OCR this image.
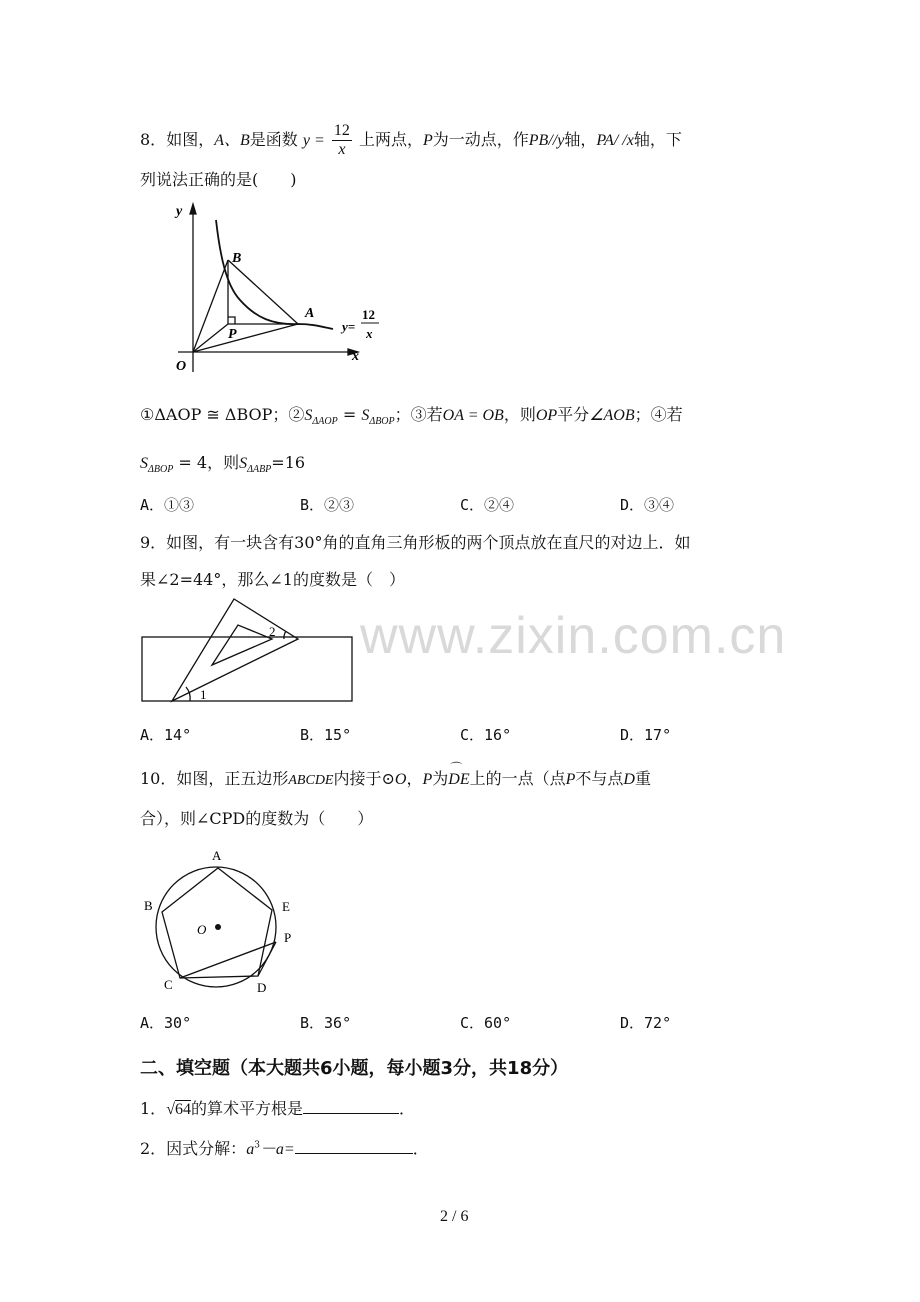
www.zixin.com.cn
8．如图，A、B是函数 $y = \frac{12}{x}$ 上两点，P为一动点，作PB//y轴，PA/ /x轴，下
列说法正确的是(　　)
y
x
O
B
A
P
y=
12
x
①ΔAOP ≅ ΔBOP；$②S_{\Delta AOP} = S_{\Delta BOP}$；③若OA = OB，则OP平分∠AOB；④若
$S_{\Delta BOP} = 4$，则$S_{\Delta ABP}=16$
A．①③	B．②③	C．②④	D．③④
9．如图，有一块含有30°角的直角三角形板的两个顶点放在直尺的对边上．如
果∠2=44°，那么∠1的度数是（　）
1
2
A．14°	B．15°	C．16°	D．17°
10．如图，正五边形ABCDE内接于⊙O，P为⌒ DE上的一点（点P不与点D重
合），则∠CPD的度数为（　　）
A
B
C	D
E
O
P
A．30°	B．36°	C．60°	D．72°
二、填空题（本大题共6小题，每小题3分，共18分）
1．√64的算术平方根是	．
2．因式分解：$a^3-a=$	．
2 / 6
